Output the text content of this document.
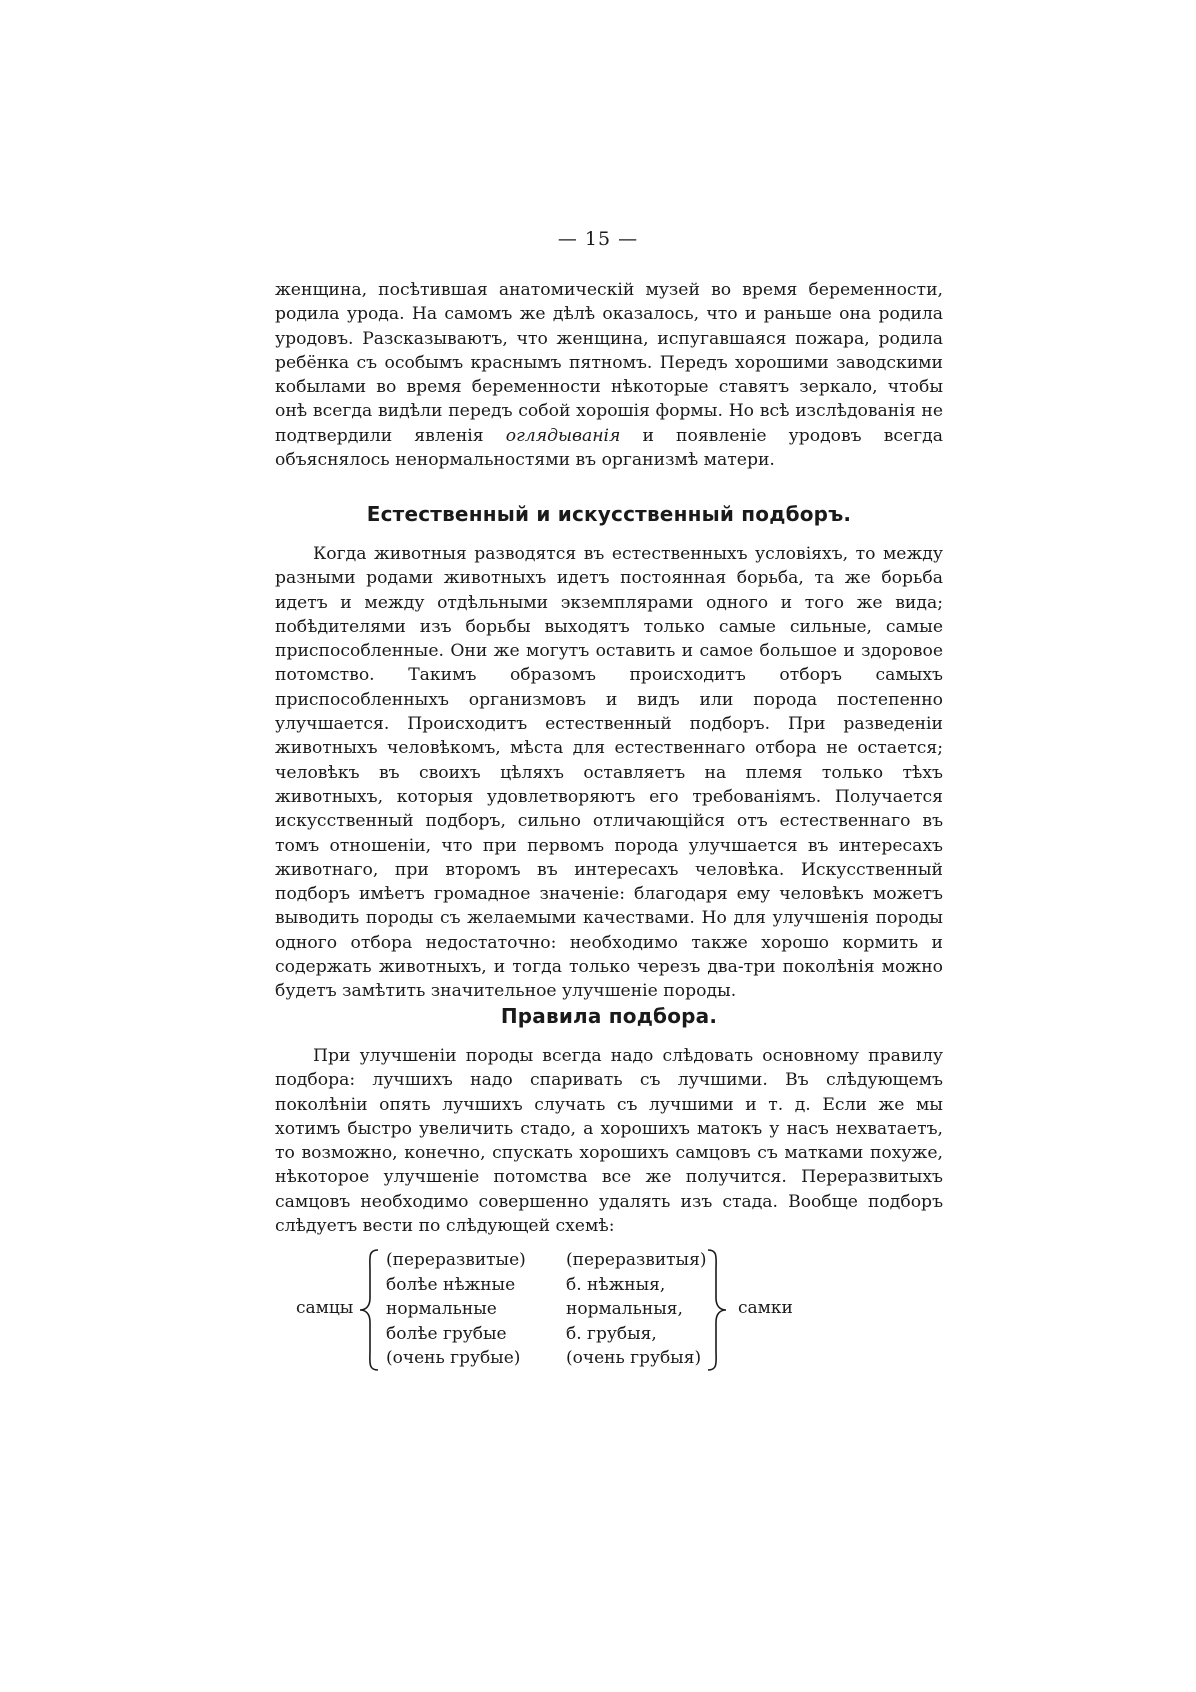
— 15 —

женщина, посѣтившая анатомическій музей во время беременности, родила урода. На самомъ же дѣлѣ оказалось, что и раньше она родила уродовъ. Разсказываютъ, что женщина, испугавшаяся пожара, родила ребёнка съ особымъ краснымъ пятномъ. Передъ хорошими заводскими кобылами во время беременности нѣкоторые ставятъ зеркало, чтобы онѣ всегда видѣли передъ собой хорошія формы. Но всѣ изслѣдованія не подтвердили явленія оглядыванія и появленіе уродовъ всегда объяснялось ненормальностями въ организмѣ матери.

Естественный и искусственный подборъ.

Когда животныя разводятся въ естественныхъ условіяхъ, то между разными родами животныхъ идетъ постоянная борьба, та же борьба идетъ и между отдѣльными экземплярами одного и того же вида; побѣдителями изъ борьбы выходятъ только самые сильные, самые приспособленные. Они же могутъ оставить и самое большое и здоровое потомство. Такимъ образомъ происходитъ отборъ самыхъ приспособленныхъ организмовъ и видъ или порода постепенно улучшается. Происходитъ естественный подборъ. При разведеніи животныхъ человѣкомъ, мѣста для естественнаго отбора не остается; человѣкъ въ своихъ цѣляхъ оставляетъ на племя только тѣхъ животныхъ, которыя удовлетворяютъ его требованіямъ. Получается искусственный подборъ, сильно отличающійся отъ естественнаго въ томъ отношеніи, что при первомъ порода улучшается въ интересахъ животнаго, при второмъ въ интересахъ человѣка. Искусственный подборъ имѣетъ громадное значеніе: благодаря ему человѣкъ можетъ выводить породы съ желаемыми качествами. Но для улучшенія породы одного отбора недостаточно: необходимо также хорошо кормить и содержать животныхъ, и тогда только черезъ два-три поколѣнія можно будетъ замѣтить значительное улучшеніе породы.

Правила подбора.

При улучшеніи породы всегда надо слѣдовать основному правилу подбора: лучшихъ надо спаривать съ лучшими. Въ слѣдующемъ поколѣніи опять лучшихъ случать съ лучшими и т. д. Если же мы хотимъ быстро увеличить стадо, а хорошихъ матокъ у насъ нехватаетъ, то возможно, конечно, спускать хорошихъ самцовъ съ матками похуже, нѣкоторое улучшеніе потомства все же получится. Переразвитыхъ самцовъ необходимо совершенно удалять изъ стада. Вообще подборъ слѣдуетъ вести по слѣдующей схемѣ:

самцы
(переразвитые)
болѣе нѣжные
нормальные
болѣе грубые
(очень грубые)
(переразвитыя)
б. нѣжныя,
нормальныя,
б. грубыя,
(очень грубыя)
самки
